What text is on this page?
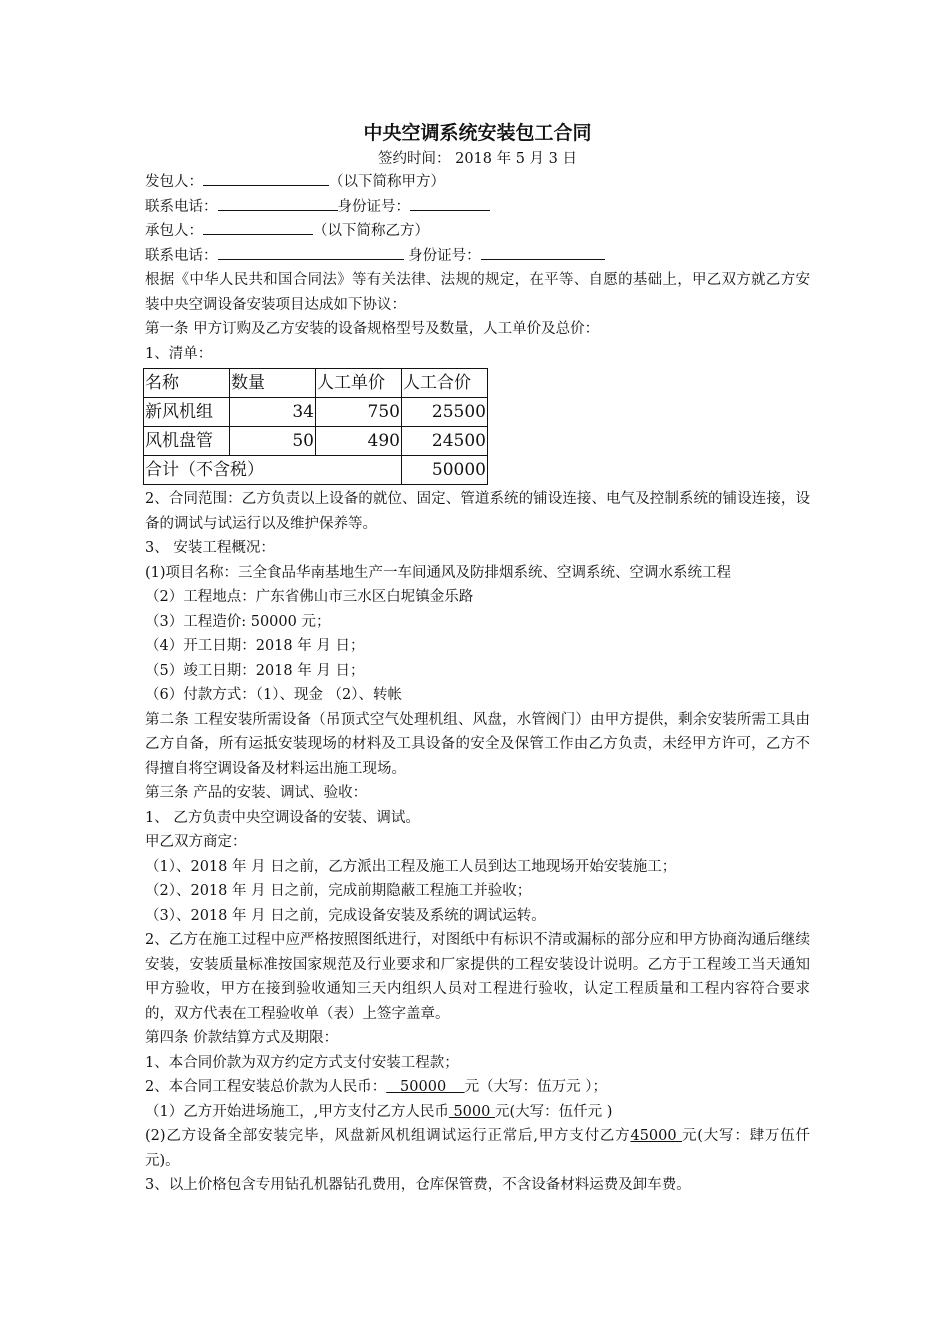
中央空调系统安装包工合同
签约时间： 2018 年 5 月 3 日
发包人：	（以下简称甲方）
联系电话：	身份证号：
承包人：	（以下简称乙方）
联系电话：	身份证号：
根据《中华人民共和国合同法》等有关法律、法规的规定，在平等、自愿的基础上，甲乙双方就乙方安装中央空调设备安装项目达成如下协议：
第一条 甲方订购及乙方安装的设备规格型号及数量，人工单价及总价：
1、清单：
名称	数量	人工单价	人工合价
新风机组	34	750	25500
风机盘管	50	490	24500
合计（不含税）			50000
2、合同范围：乙方负责以上设备的就位、固定、管道系统的铺设连接、电气及控制系统的铺设连接，设备的调试与试运行以及维护保养等。
3、 安装工程概况：
(1)项目名称：三全食品华南基地生产一车间通风及防排烟系统、空调系统、空调水系统工程
（2）工程地点：广东省佛山市三水区白坭镇金乐路
（3）工程造价: 50000 元；
（4）开工日期：2018 年 月 日；
（5）竣工日期：2018 年 月 日；
（6）付款方式：（1）、现金 （2）、转帐
第二条 工程安装所需设备（吊顶式空气处理机组、风盘，水管阀门）由甲方提供，剩余安装所需工具由乙方自备，所有运抵安装现场的材料及工具设备的安全及保管工作由乙方负责，未经甲方许可，乙方不得擅自将空调设备及材料运出施工现场。
第三条 产品的安装、调试、验收：
1、 乙方负责中央空调设备的安装、调试。
甲乙双方商定：
（1）、2018 年 月 日之前，乙方派出工程及施工人员到达工地现场开始安装施工；
（2）、2018 年 月 日之前，完成前期隐蔽工程施工并验收；
（3）、2018 年 月 日之前，完成设备安装及系统的调试运转。
2、乙方在施工过程中应严格按照图纸进行，对图纸中有标识不清或漏标的部分应和甲方协商沟通后继续安装，安装质量标准按国家规范及行业要求和厂家提供的工程安装设计说明。乙方于工程竣工当天通知甲方验收，甲方在接到验收通知三天内组织人员对工程进行验收，认定工程质量和工程内容符合要求的，双方代表在工程验收单（表）上签字盖章。
第四条 价款结算方式及期限：
1、本合同价款为双方约定方式支付安装工程款；
2、本合同工程安装总价款为人民币：   50000    元（大写：伍万元 ）；
（1）乙方开始进场施工，,甲方支付乙方人民币 5000 元(大写：伍仟元 )
(2)乙方设备全部安装完毕，风盘新风机组调试运行正常后,甲方支付乙方45000 元(大写：肆万伍仟元)。
3、以上价格包含专用钻孔机器钻孔费用，仓库保管费，不含设备材料运费及卸车费。
